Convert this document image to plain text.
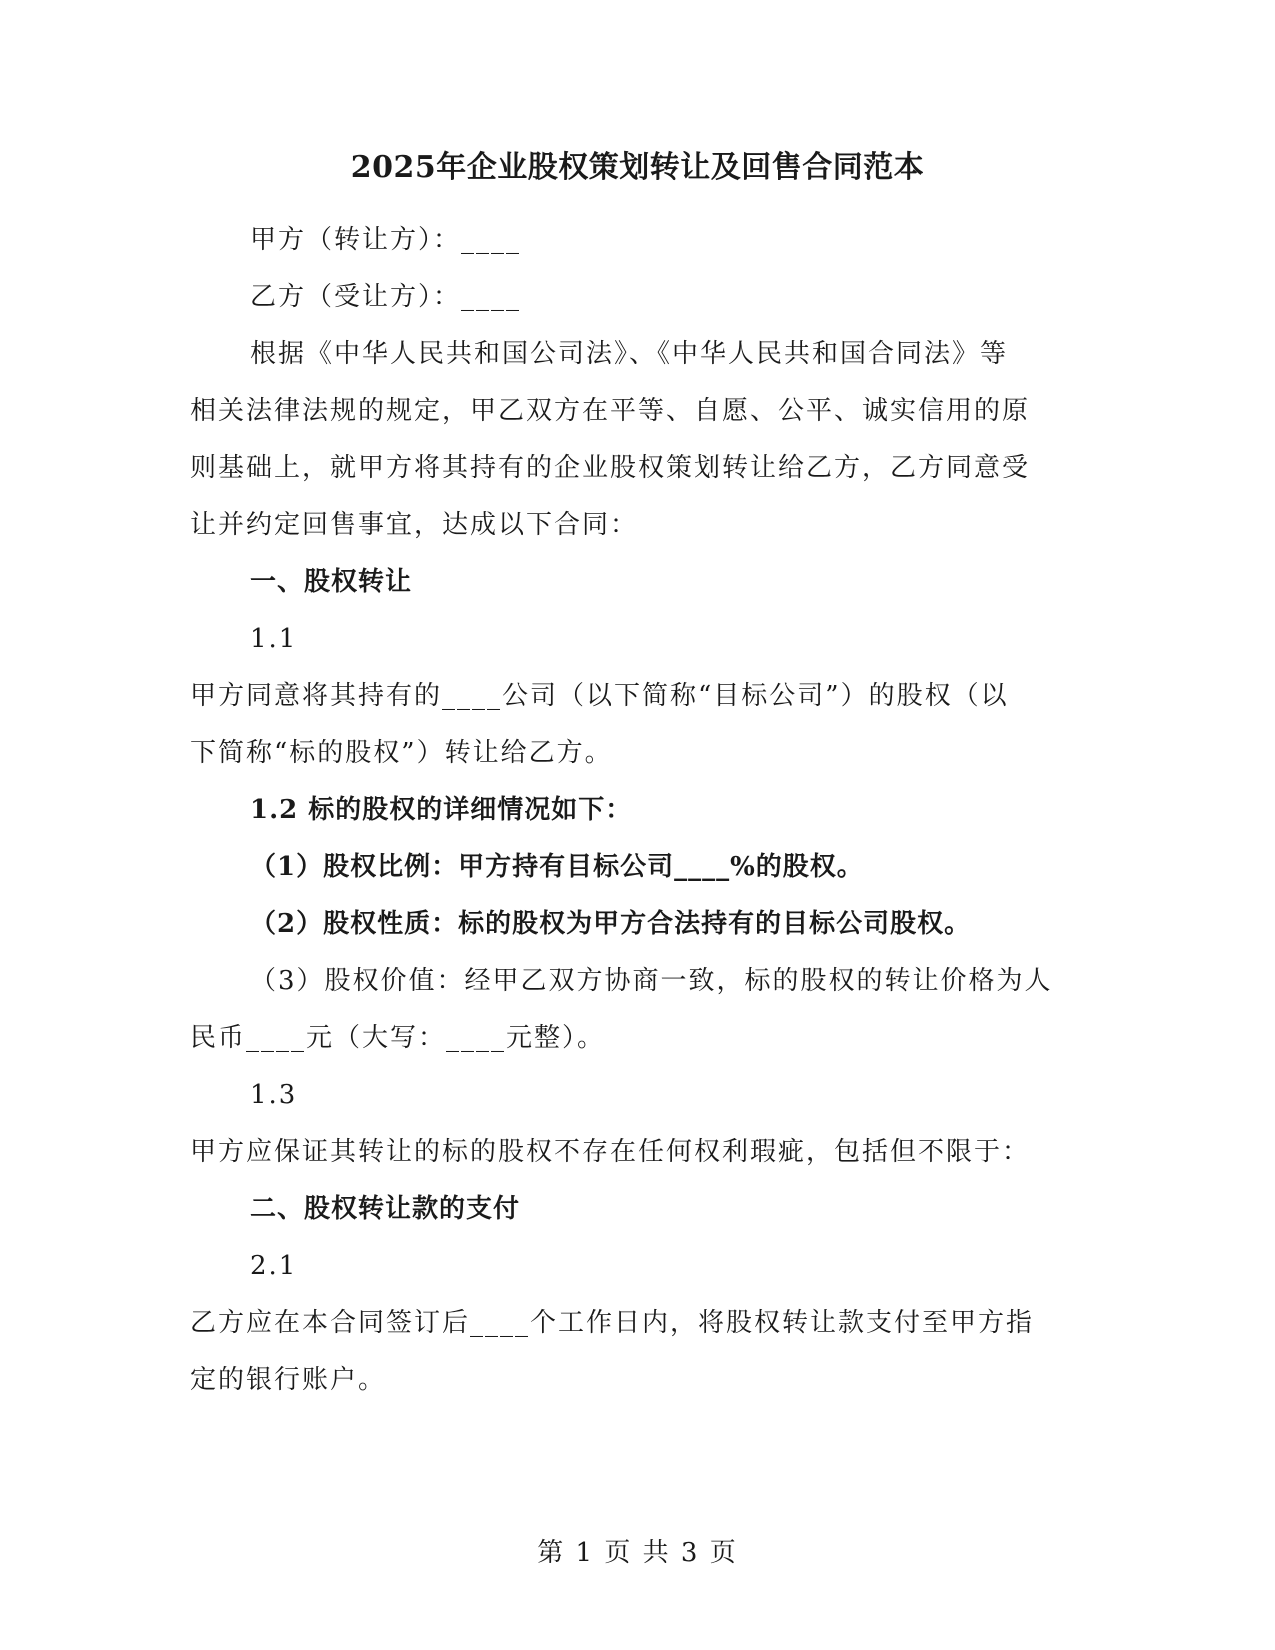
2025年企业股权策划转让及回售合同范本

甲方（转让方）：____

乙方（受让方）：____

根据《中华人民共和国公司法》、《中华人民共和国合同法》等

相关法律法规的规定，甲乙双方在平等、自愿、公平、诚实信用的原

则基础上，就甲方将其持有的企业股权策划转让给乙方，乙方同意受

让并约定回售事宜，达成以下合同：

一、股权转让

1.1

甲方同意将其持有的____公司（以下简称“目标公司”）的股权（以

下简称“标的股权”）转让给乙方。

1.2 标的股权的详细情况如下：

（1）股权比例：甲方持有目标公司____%的股权。

（2）股权性质：标的股权为甲方合法持有的目标公司股权。

（3）股权价值：经甲乙双方协商一致，标的股权的转让价格为人

民币____元（大写：____元整）。

1.3

甲方应保证其转让的标的股权不存在任何权利瑕疵，包括但不限于：

二、股权转让款的支付

2.1

乙方应在本合同签订后____个工作日内，将股权转让款支付至甲方指

定的银行账户。

第 1 页 共 3 页
